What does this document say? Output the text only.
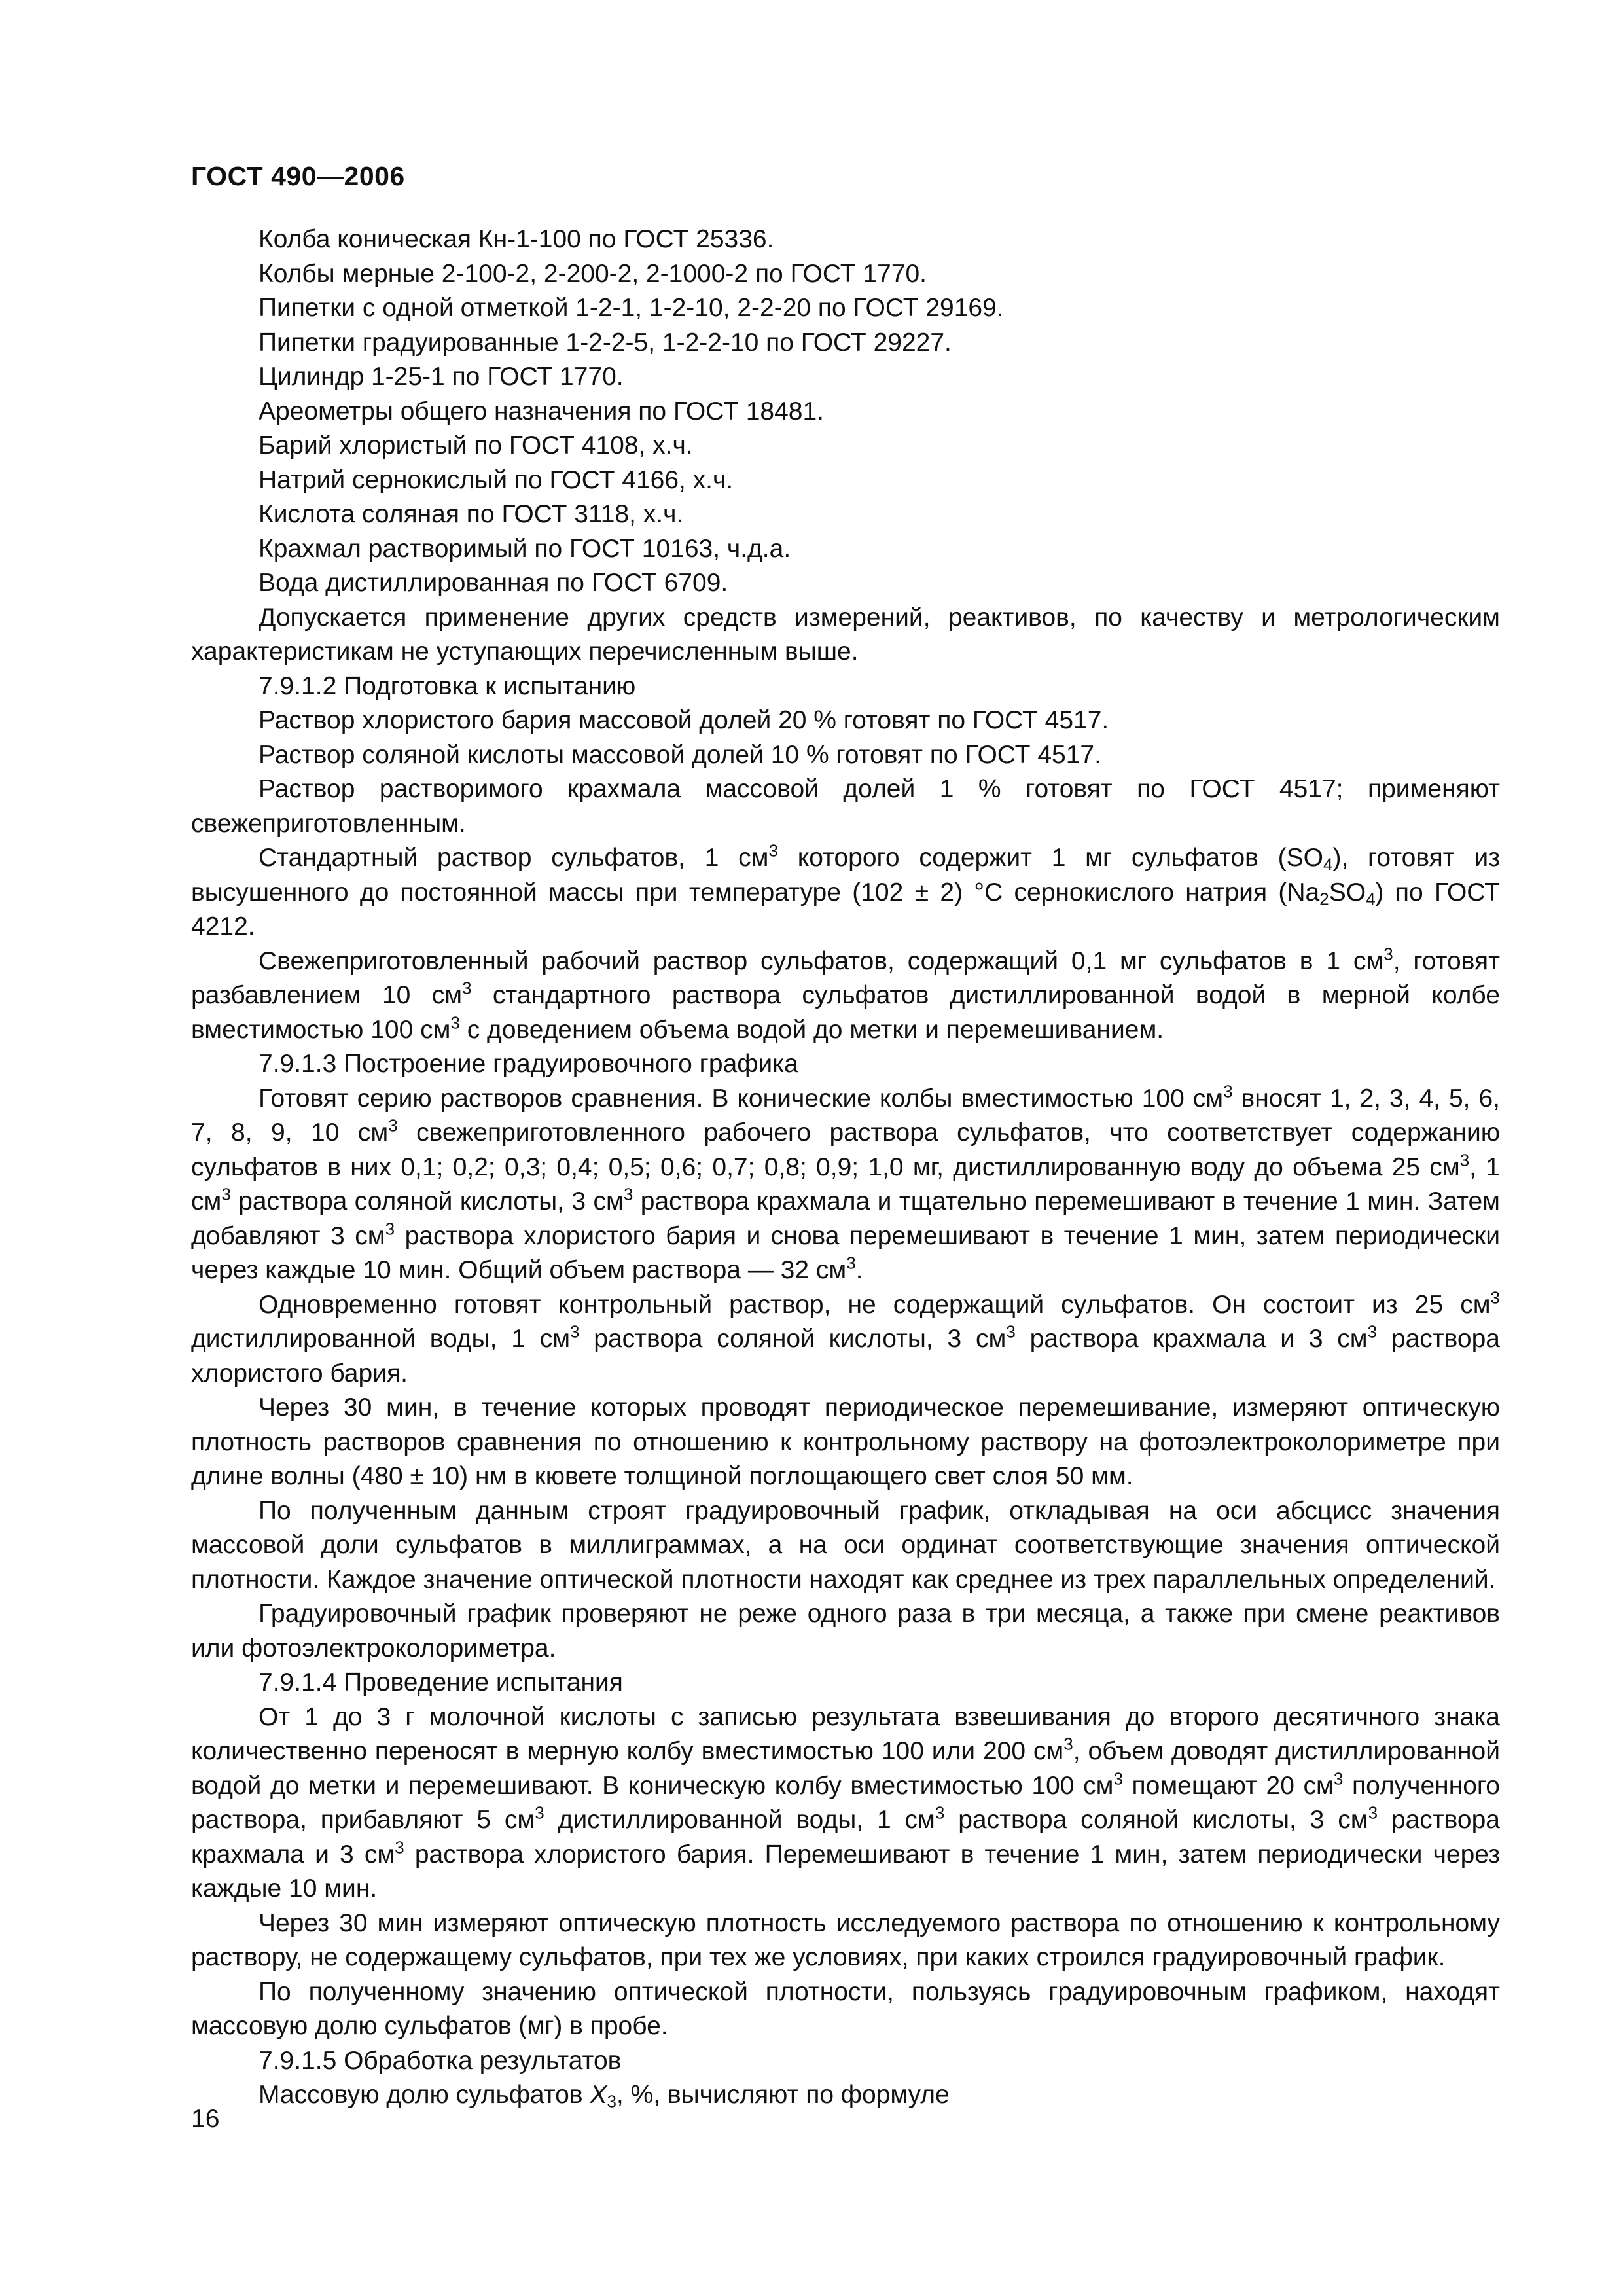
ГОСТ 490—2006

Колба коническая Кн-1-100 по ГОСТ 25336.

Колбы мерные 2-100-2, 2-200-2, 2-1000-2 по ГОСТ 1770.

Пипетки с одной отметкой 1-2-1, 1-2-10, 2-2-20 по ГОСТ 29169.

Пипетки градуированные 1-2-2-5, 1-2-2-10 по ГОСТ 29227.

Цилиндр 1-25-1 по ГОСТ 1770.

Ареометры общего назначения по ГОСТ 18481.

Барий хлористый по ГОСТ 4108, х.ч.

Натрий сернокислый по ГОСТ 4166, х.ч.

Кислота соляная по ГОСТ 3118, х.ч.

Крахмал растворимый по ГОСТ 10163, ч.д.а.

Вода дистиллированная по ГОСТ 6709.

Допускается применение других средств измерений, реактивов, по качеству и метрологическим характеристикам не уступающих перечисленным выше.

7.9.1.2 Подготовка к испытанию

Раствор хлористого бария массовой долей 20 % готовят по ГОСТ 4517.

Раствор соляной кислоты массовой долей 10 % готовят по ГОСТ 4517.

Раствор растворимого крахмала массовой долей 1 % готовят по ГОСТ 4517; применяют свежеприготовленным.

Стандартный раствор сульфатов, 1 $см^3$ которого содержит 1 мг сульфатов $(SO_4)$, готовят из высушенного до постоянной массы при температуре (102 ± 2) °С сернокислого натрия $(Na_2SO_4)$ по ГОСТ 4212.

Свежеприготовленный рабочий раствор сульфатов, содержащий 0,1 мг сульфатов в 1 $см^3$, готовят разбавлением 10 $см^3$ стандартного раствора сульфатов дистиллированной водой в мерной колбе вместимостью 100 $см^3$ с доведением объема водой до метки и перемешиванием.

7.9.1.3 Построение градуировочного графика

Готовят серию растворов сравнения. В конические колбы вместимостью 100 $см^3$ вносят 1, 2, 3, 4, 5, 6, 7, 8, 9, 10 $см^3$ свежеприготовленного рабочего раствора сульфатов, что соответствует содержанию сульфатов в них 0,1; 0,2; 0,3; 0,4; 0,5; 0,6; 0,7; 0,8; 0,9; 1,0 мг, дистиллированную воду до объема 25 $см^3$, 1 $см^3$ раствора соляной кислоты, 3 $см^3$ раствора крахмала и тщательно перемешивают в течение 1 мин. Затем добавляют 3 $см^3$ раствора хлористого бария и снова перемешивают в течение 1 мин, затем периодически через каждые 10 мин. Общий объем раствора — 32 $см^3$.

Одновременно готовят контрольный раствор, не содержащий сульфатов. Он состоит из 25 $см^3$ дистиллированной воды, 1 $см^3$ раствора соляной кислоты, 3 $см^3$ раствора крахмала и 3 $см^3$ раствора хлористого бария.

Через 30 мин, в течение которых проводят периодическое перемешивание, измеряют оптическую плотность растворов сравнения по отношению к контрольному раствору на фотоэлектроколориметре при длине волны (480 ± 10) нм в кювете толщиной поглощающего свет слоя 50 мм.

По полученным данным строят градуировочный график, откладывая на оси абсцисс значения массовой доли сульфатов в миллиграммах, а на оси ординат соответствующие значения оптической плотности. Каждое значение оптической плотности находят как среднее из трех параллельных определений.

Градуировочный график проверяют не реже одного раза в три месяца, а также при смене реактивов или фотоэлектроколориметра.

7.9.1.4 Проведение испытания

От 1 до 3 г молочной кислоты с записью результата взвешивания до второго десятичного знака количественно переносят в мерную колбу вместимостью 100 или 200 $см^3$, объем доводят дистиллированной водой до метки и перемешивают. В коническую колбу вместимостью 100 $см^3$ помещают 20 $см^3$ полученного раствора, прибавляют 5 $см^3$ дистиллированной воды, 1 $см^3$ раствора соляной кислоты, 3 $см^3$ раствора крахмала и 3 $см^3$ раствора хлористого бария. Перемешивают в течение 1 мин, затем периодически через каждые 10 мин.

Через 30 мин измеряют оптическую плотность исследуемого раствора по отношению к контрольному раствору, не содержащему сульфатов, при тех же условиях, при каких строился градуировочный график.

По полученному значению оптической плотности, пользуясь градуировочным графиком, находят массовую долю сульфатов (мг) в пробе.

7.9.1.5 Обработка результатов

Массовую долю сульфатов $X_3$, %, вычисляют по формуле

16
